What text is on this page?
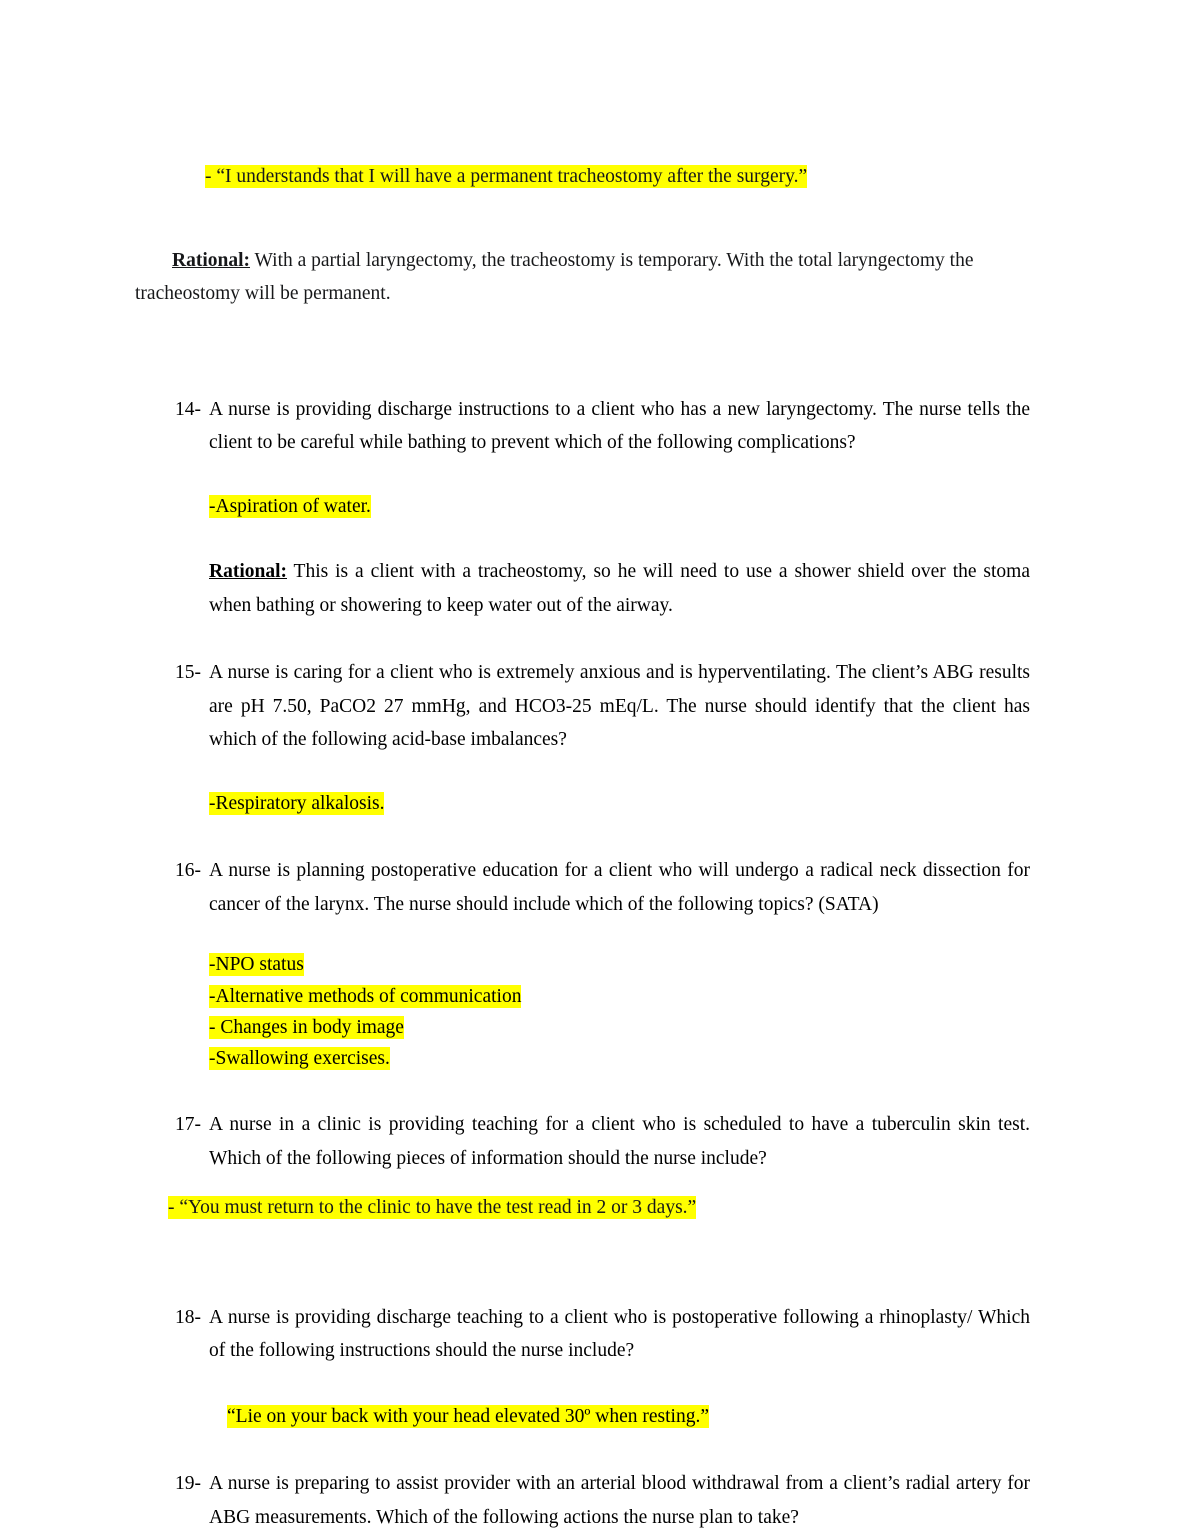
- “I understands that I will have a permanent tracheostomy after the surgery.”
Rational: With a partial laryngectomy, the tracheostomy is temporary. With the total laryngectomy the tracheostomy will be permanent.
14- A nurse is providing discharge instructions to a client who has a new laryngectomy. The nurse tells the client to be careful while bathing to prevent which of the following complications?
-Aspiration of water.
Rational: This is a client with a tracheostomy, so he will need to use a shower shield over the stoma when bathing or showering to keep water out of the airway.
15- A nurse is caring for a client who is extremely anxious and is hyperventilating. The client’s ABG results are pH 7.50, PaCO2 27 mmHg, and HCO3-25 mEq/L. The nurse should identify that the client has which of the following acid-base imbalances?
-Respiratory alkalosis.
16- A nurse is planning postoperative education for a client who will undergo a radical neck dissection for cancer of the larynx. The nurse should include which of the following topics? (SATA)
-NPO status
-Alternative methods of communication
- Changes in body image
-Swallowing exercises.
17- A nurse in a clinic is providing teaching for a client who is scheduled to have a tuberculin skin test. Which of the following pieces of information should the nurse include?
- “You must return to the clinic to have the test read in 2 or 3 days.”
18- A nurse is providing discharge teaching to a client who is postoperative following a rhinoplasty/ Which of the following instructions should the nurse include?
“Lie on your back with your head elevated 30º when resting.”
19- A nurse is preparing to assist provider with an arterial blood withdrawal from a client’s radial artery for ABG measurements. Which of the following actions the nurse plan to take?
